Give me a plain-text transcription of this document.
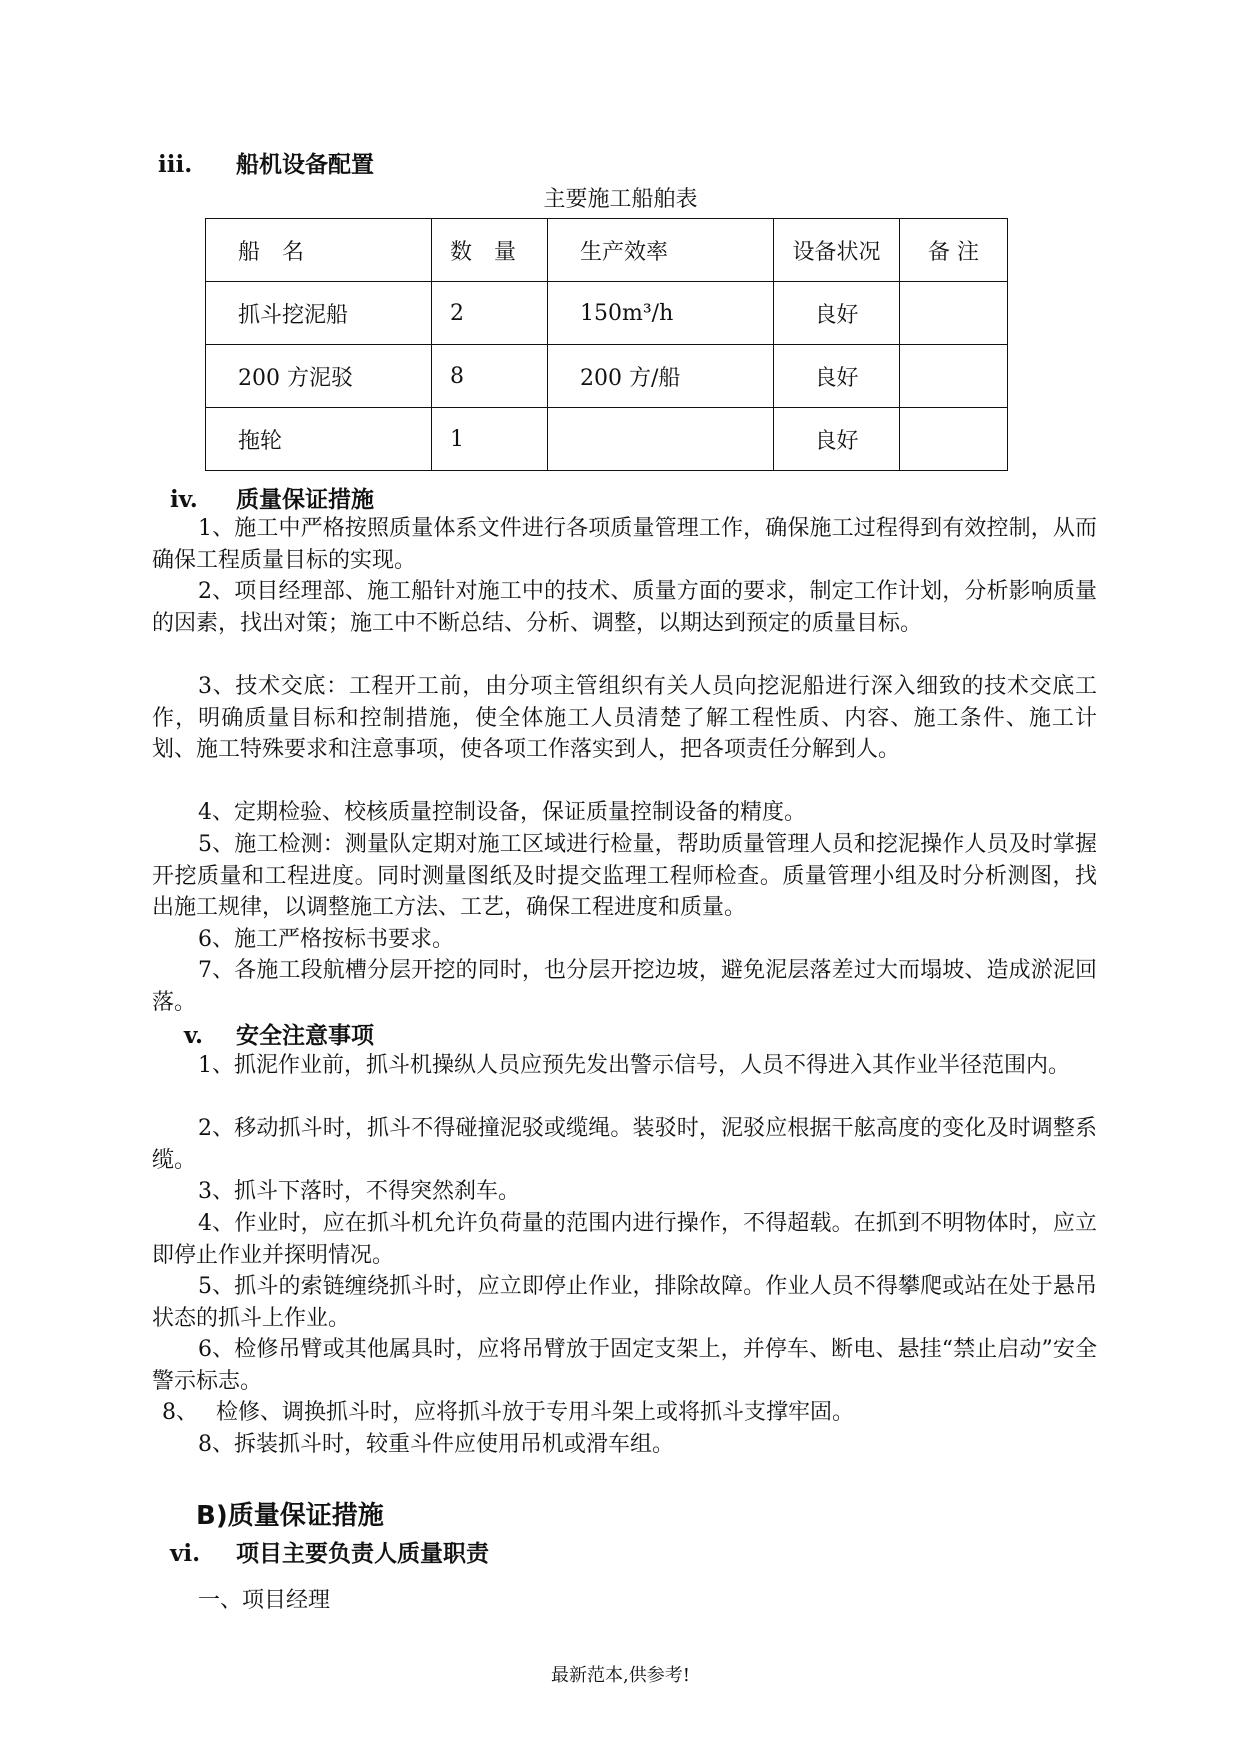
iii. 船机设备配置
主要施工船舶表
船　名	数　量	生产效率	设备状况	备 注
抓斗挖泥船	2	150m³/h	良好	
200 方泥驳	8	200 方/船	良好	
拖轮	1		良好	
iv. 质量保证措施

1、施工中严格按照质量体系文件进行各项质量管理工作，确保施工过程得到有效控制，从而确保工程质量目标的实现。

2、项目经理部、施工船针对施工中的技术、质量方面的要求，制定工作计划，分析影响质量的因素，找出对策；施工中不断总结、分析、调整，以期达到预定的质量目标。

3、技术交底：工程开工前，由分项主管组织有关人员向挖泥船进行深入细致的技术交底工作，明确质量目标和控制措施，使全体施工人员清楚了解工程性质、内容、施工条件、施工计划、施工特殊要求和注意事项，使各项工作落实到人，把各项责任分解到人。

4、定期检验、校核质量控制设备，保证质量控制设备的精度。

5、施工检测：测量队定期对施工区域进行检量，帮助质量管理人员和挖泥操作人员及时掌握开挖质量和工程进度。同时测量图纸及时提交监理工程师检查。质量管理小组及时分析测图，找出施工规律，以调整施工方法、工艺，确保工程进度和质量。

6、施工严格按标书要求。

7、各施工段航槽分层开挖的同时，也分层开挖边坡，避免泥层落差过大而塌坡、造成淤泥回落。

v. 安全注意事项

1、抓泥作业前，抓斗机操纵人员应预先发出警示信号，人员不得进入其作业半径范围内。

2、移动抓斗时，抓斗不得碰撞泥驳或缆绳。装驳时，泥驳应根据干舷高度的变化及时调整系缆。

3、抓斗下落时，不得突然刹车。

4、作业时，应在抓斗机允许负荷量的范围内进行操作，不得超载。在抓到不明物体时，应立即停止作业并探明情况。

5、抓斗的索链缠绕抓斗时，应立即停止作业，排除故障。作业人员不得攀爬或站在处于悬吊状态的抓斗上作业。

6、检修吊臂或其他属具时，应将吊臂放于固定支架上，并停车、断电、悬挂“禁止启动”安全警示标志。

8、　 检修、调换抓斗时，应将抓斗放于专用斗架上或将抓斗支撑牢固。

8、拆装抓斗时，较重斗件应使用吊机或滑车组。

B)质量保证措施
vi. 项目主要负责人质量职责
一、项目经理
最新范本,供参考!
